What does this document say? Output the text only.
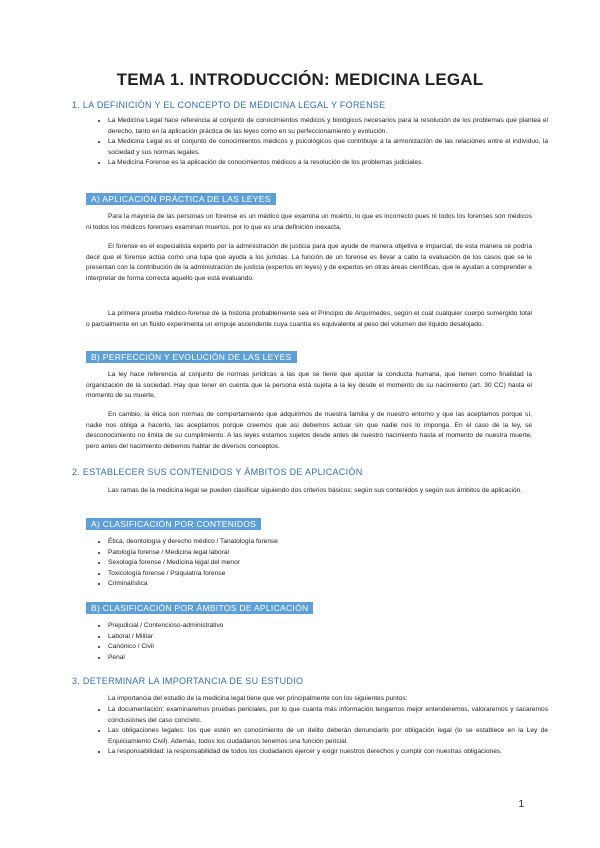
TEMA 1. INTRODUCCIÓN: MEDICINA LEGAL
1. LA DEFINICIÓN Y EL CONCEPTO DE MEDICINA LEGAL Y FORENSE
• La Medicina Legal hace referencia al conjunto de conocimientos médicos y biológicos necesarios para la resolución de los problemas que plantea el derecho, tanto en la aplicación práctica de las leyes como en su perfeccionamiento y evolución.
• La Medicina Legal es el conjunto de conocimientos médicos y psicológicos que contribuye a la armonización de las relaciones entre el individuo, la sociedad y sus normas legales.
• La Medicina Forense es la aplicación de conocimientos médicos a la resolución de los problemas judiciales.
A) APLICACIÓN PRÁCTICA DE LAS LEYES
Para la mayoría de las personas un forense es un médico que examina un muerto, lo que es incorrecto pues ni todos los forenses son médicos ni todos los médicos forenses examinan muertos, por lo que es una definición inexacta.
El forense es el especialista experto por la administración de justicia para que ayude de manera objetiva e imparcial, de esta manera se podría decir que el forense actúa como una lupa que ayuda a los juristas. La función de un forense es llevar a cabo la evaluación de los casos que se le presentan con la contribución de la administración de justicia (expertos en leyes) y de expertos en otras áreas científicas, que le ayudan a comprender e interpretar de forma correcta aquello que está evaluando.
La primera prueba médico-forense de la historia probablemente sea el Principio de Arquímedes, según el cual cualquier cuerpo sumergido total o parcialmente en un fluido experimenta un empuje ascendente cuya cuantía es equivalente al peso del volumen del líquido desalojado.
B) PERFECCIÓN Y EVOLUCIÓN DE LAS LEYES
La ley hace referencia al conjunto de normas jurídicas a las que se tiene que ajustar la conducta humana, que tienen como finalidad la organización de la sociedad. Hay que tener en cuenta que la persona está sujeta a la ley desde el momento de su nacimiento (art. 30 CC) hasta el momento de su muerte.
En cambio, la ética son normas de comportamiento que adquirimos de nuestra familia y de nuestro entorno y que las aceptamos porque sí, nadie nos obliga a hacerlo, las aceptamos porque creemos que así debemos actuar sin que nadie nos lo imponga. En el caso de la ley, se desconocimiento no limita de su cumplimiento. A las leyes estamos sujetos desde antes de nuestro nacimiento hasta el momento de nuestra muerte, pero antes del nacimiento debemos hablar de diversos conceptos.
2. ESTABLECER SUS CONTENIDOS Y ÁMBITOS DE APLICACIÓN
Las ramas de la medicina legal se pueden clasificar siguiendo dos criterios básicos: según sus contenidos y según sus ámbitos de aplicación.
A) CLASIFICACIÓN POR CONTENIDOS
• Ética, deontología y derecho médico / Tanatología forense
• Patología forense / Medicina legal laboral
• Sexología forense / Medicina legal del menor
• Toxicología forense / Psiquiatría forense
• Criminalística
B) CLASIFICACIÓN POR ÁMBITOS DE APLICACIÓN
• Prejudicial / Contencioso-administrativo
• Laboral / Militar
• Canónico / Civil
• Penal
3. DETERMINAR LA IMPORTANCIA DE SU ESTUDIO
La importancia del estudio de la medicina legal tiene que ver principalmente con los siguientes puntos:
• La documentación: examinaremos pruebas periciales, por lo que cuanta más información tengamos mejor entenderemos, valoraremos y sacaremos conclusiones del caso concreto.
• Las obligaciones legales: los que estén en conocimiento de un delito deberán denunciarlo por obligación legal (lo se establece en la Ley de Enjuiciamiento Civil). Además, todos los ciudadanos tenemos una función pericial.
• La responsabilidad: la responsabilidad de todos los ciudadanos ejercer y exigir nuestros derechos y cumplir con nuestras obligaciones.
1
